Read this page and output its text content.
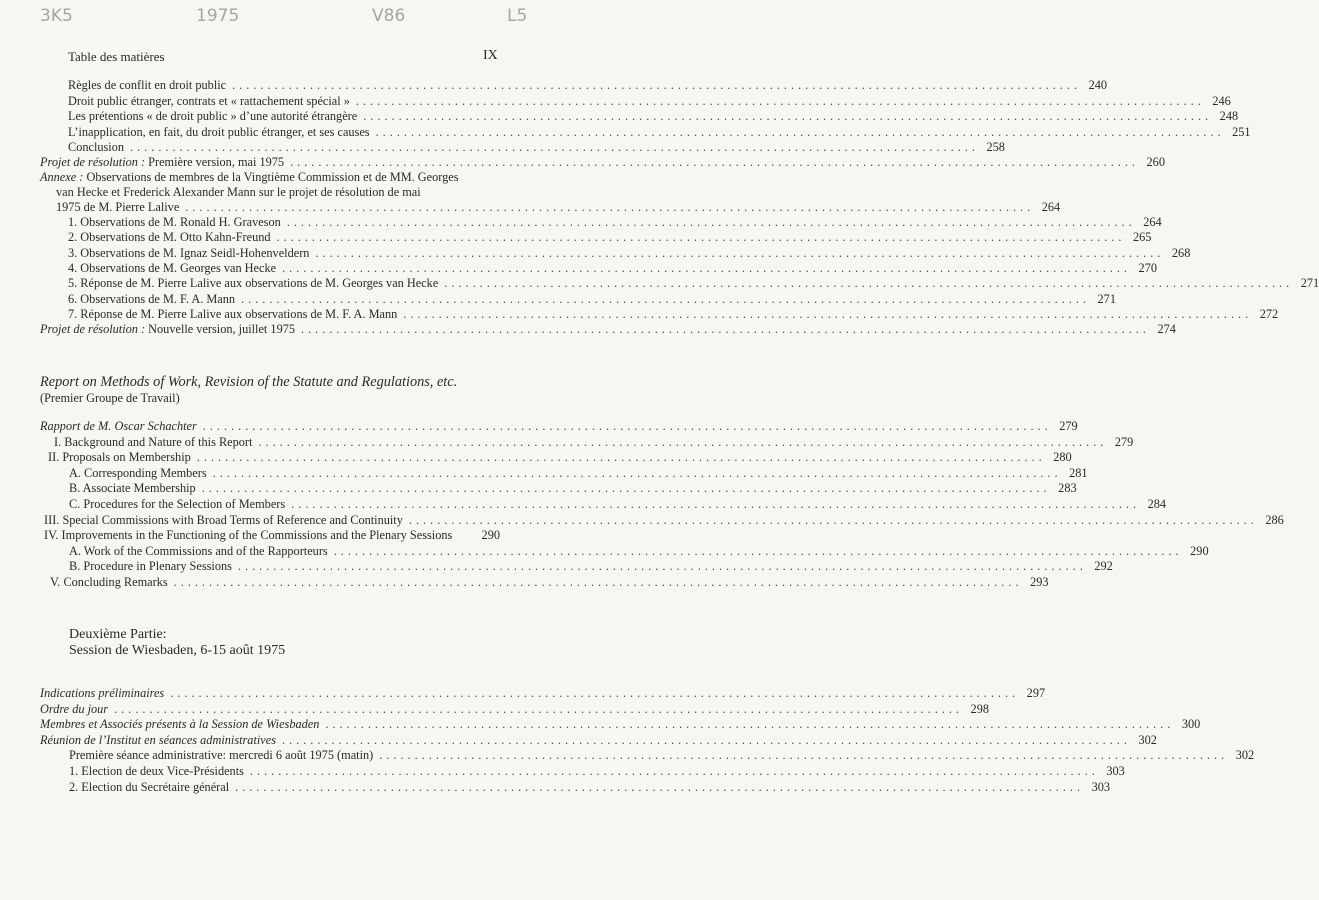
3K5	1975	V86	L5
Table des matières	IX
Règles de conflit en droit public ........................................................................................................................ 240
Droit public étranger, contrats et « rattachement spécial » ........................................................................................................................ 246
Les prétentions « de droit public » d’une autorité étrangère ........................................................................................................................ 248
L’inapplication, en fait, du droit public étranger, et ses causes ........................................................................................................................ 251
Conclusion ........................................................................................................................ 258
Projet de résolution : Première version, mai 1975 ........................................................................................................................ 260
Annexe : Observations de membres de la Vingtième Commission et de MM. Georges
van Hecke et Frederick Alexander Mann sur le projet de résolution de mai
1975 de M. Pierre Lalive ........................................................................................................................ 264
1. Observations de M. Ronald H. Graveson ........................................................................................................................ 264
2. Observations de M. Otto Kahn-Freund ........................................................................................................................ 265
3. Observations de M. Ignaz Seidl-Hohenveldern ........................................................................................................................ 268
4. Observations de M. Georges van Hecke ........................................................................................................................ 270
5. Réponse de M. Pierre Lalive aux observations de M. Georges van Hecke ........................................................................................................................ 271
6. Observations de M. F. A. Mann ........................................................................................................................ 271
7. Réponse de M. Pierre Lalive aux observations de M. F. A. Mann ........................................................................................................................ 272
Projet de résolution : Nouvelle version, juillet 1975 ........................................................................................................................ 274
Report on Methods of Work, Revision of the Statute and Regulations, etc.
(Premier Groupe de Travail)
Rapport de M. Oscar Schachter ........................................................................................................................ 279
I. Background and Nature of this Report ........................................................................................................................ 279
II. Proposals on Membership ........................................................................................................................ 280
A. Corresponding Members ........................................................................................................................ 281
B. Associate Membership ........................................................................................................................ 283
C. Procedures for the Selection of Members ........................................................................................................................ 284
III. Special Commissions with Broad Terms of Reference and Continuity ........................................................................................................................ 286
IV. Improvements in the Functioning of the Commissions and the Plenary Sessions 290
A. Work of the Commissions and of the Rapporteurs ........................................................................................................................ 290
B. Procedure in Plenary Sessions ........................................................................................................................ 292
V. Concluding Remarks ........................................................................................................................ 293
Deuxième Partie:
Session de Wiesbaden, 6-15 août 1975
Indications préliminaires ........................................................................................................................ 297
Ordre du jour ........................................................................................................................ 298
Membres et Associés présents à la Session de Wiesbaden ........................................................................................................................ 300
Réunion de l’Institut en séances administratives ........................................................................................................................ 302
Première séance administrative: mercredi 6 août 1975 (matin) ........................................................................................................................ 302
1. Election de deux Vice-Présidents ........................................................................................................................ 303
2. Election du Secrétaire général ........................................................................................................................ 303
